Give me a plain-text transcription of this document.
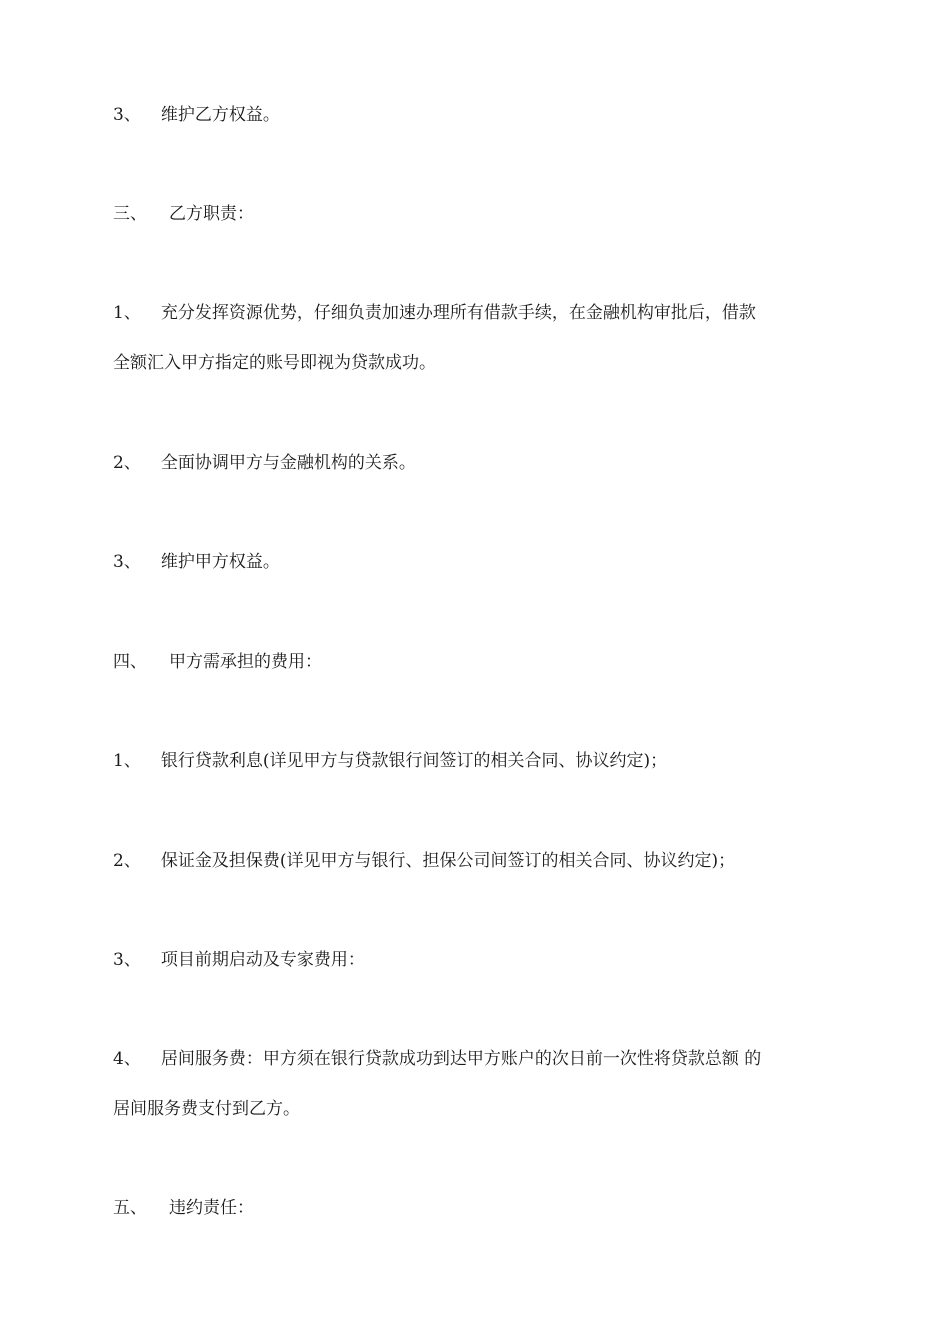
3、 维护乙方权益。
三、 乙方职责：
1、 充分发挥资源优势，仔细负责加速办理所有借款手续，在金融机构审批后，借款
全额汇入甲方指定的账号即视为贷款成功。
2、 全面协调甲方与金融机构的关系。
3、 维护甲方权益。
四、 甲方需承担的费用：
1、 银行贷款利息(详见甲方与贷款银行间签订的相关合同、协议约定)；
2、 保证金及担保费(详见甲方与银行、担保公司间签订的相关合同、协议约定)；
3、 项目前期启动及专家费用：
4、 居间服务费：甲方须在银行贷款成功到达甲方账户的次日前一次性将贷款总额 的
居间服务费支付到乙方。
五、 违约责任：
